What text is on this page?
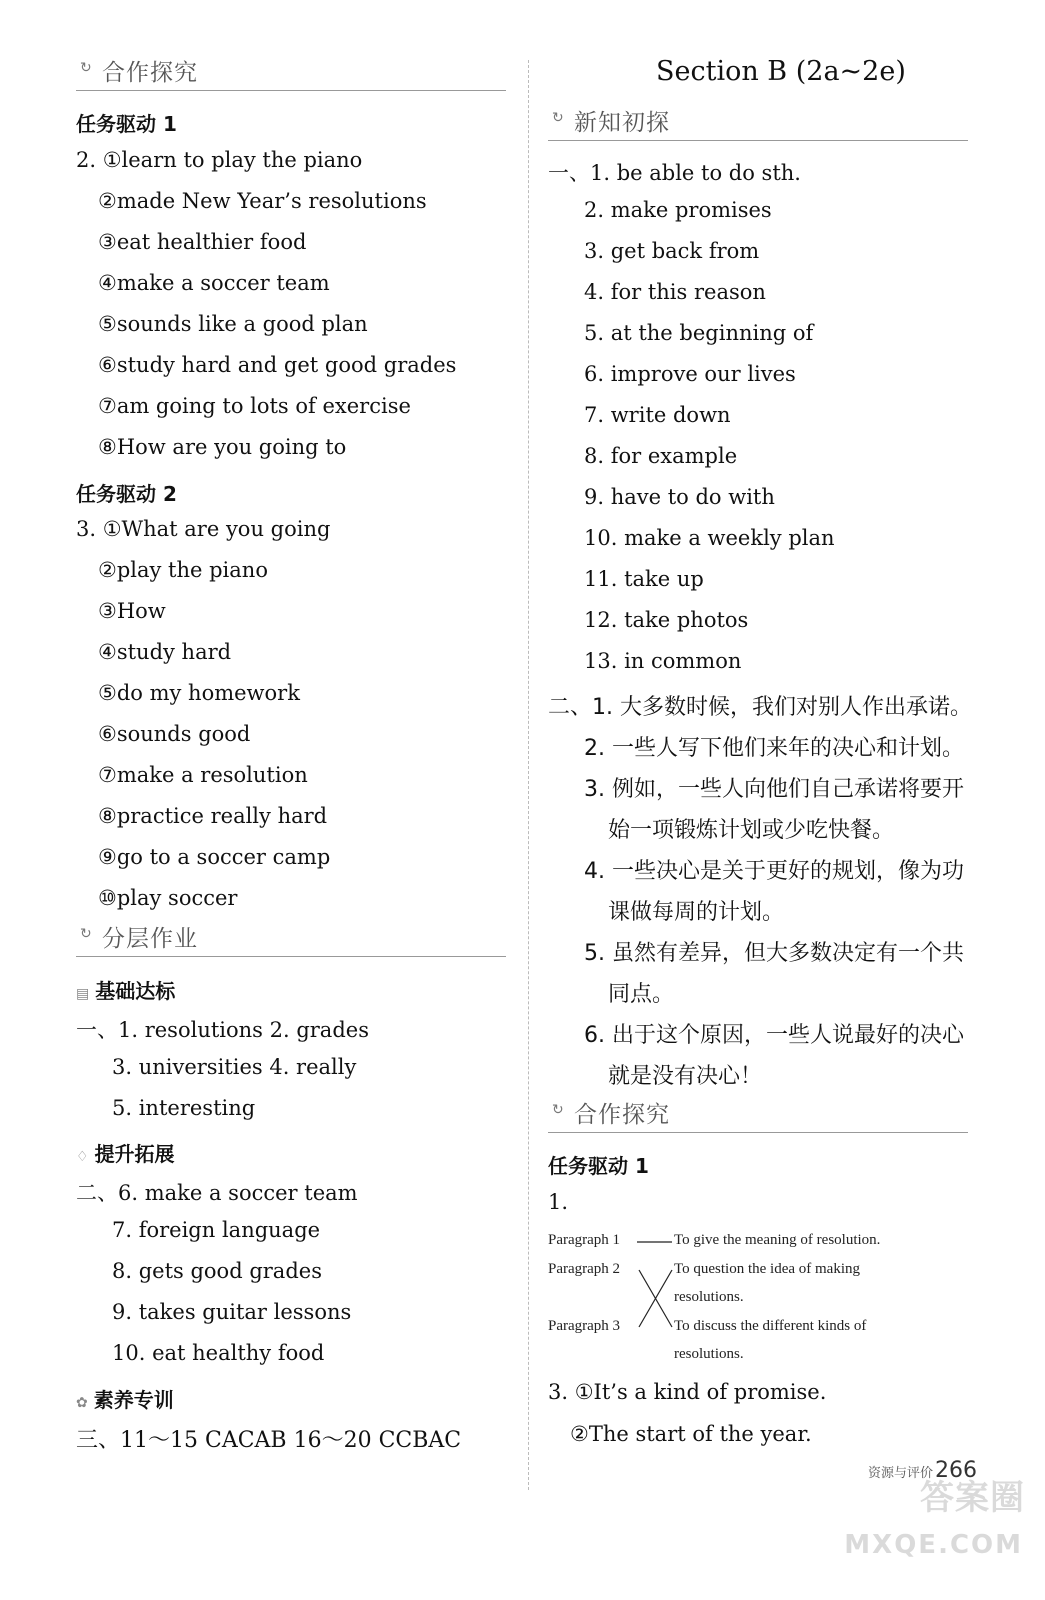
↻ 合作探究
任务驱动 1
2. ①learn to play the piano
②made New Year’s resolutions
③eat healthier food
④make a soccer team
⑤sounds like a good plan
⑥study hard and get good grades
⑦am going to lots of exercise
⑧How are you going to
任务驱动 2
3. ①What are you going
②play the piano
③How
④study hard
⑤do my homework
⑥sounds good
⑦make a resolution
⑧practice really hard
⑨go to a soccer camp
⑩play soccer
↻ 分层作业
▤ 基础达标
一、1. resolutions 2. grades
3. universities 4. really
5. interesting
♢ 提升拓展
二、6. make a soccer team
7. foreign language
8. gets good grades
9. takes guitar lessons
10. eat healthy food
✿ 素养专训
三、11～15 CACAB 16～20 CCBAC
Section B (2a~2e)
↻ 新知初探
一、1. be able to do sth.
2. make promises
3. get back from
4. for this reason
5. at the beginning of
6. improve our lives
7. write down
8. for example
9. have to do with
10. make a weekly plan
11. take up
12. take photos
13. in common
二、1. 大多数时候，我们对别人作出承诺。
2. 一些人写下他们来年的决心和计划。
3. 例如，一些人向他们自己承诺将要开
始一项锻炼计划或少吃快餐。
4. 一些决心是关于更好的规划，像为功
课做每周的计划。
5. 虽然有差异，但大多数决定有一个共
同点。
6. 出于这个原因，一些人说最好的决心
就是没有决心！
↻ 合作探究
任务驱动 1
1.
Paragraph 1
Paragraph 2
Paragraph 3
To give the meaning of resolution.
To question the idea of making
resolutions.
To discuss the different kinds of
resolutions.
3. ①It’s a kind of promise.
②The start of the year.
资源与评价266
答案圈
MXQE.COM
